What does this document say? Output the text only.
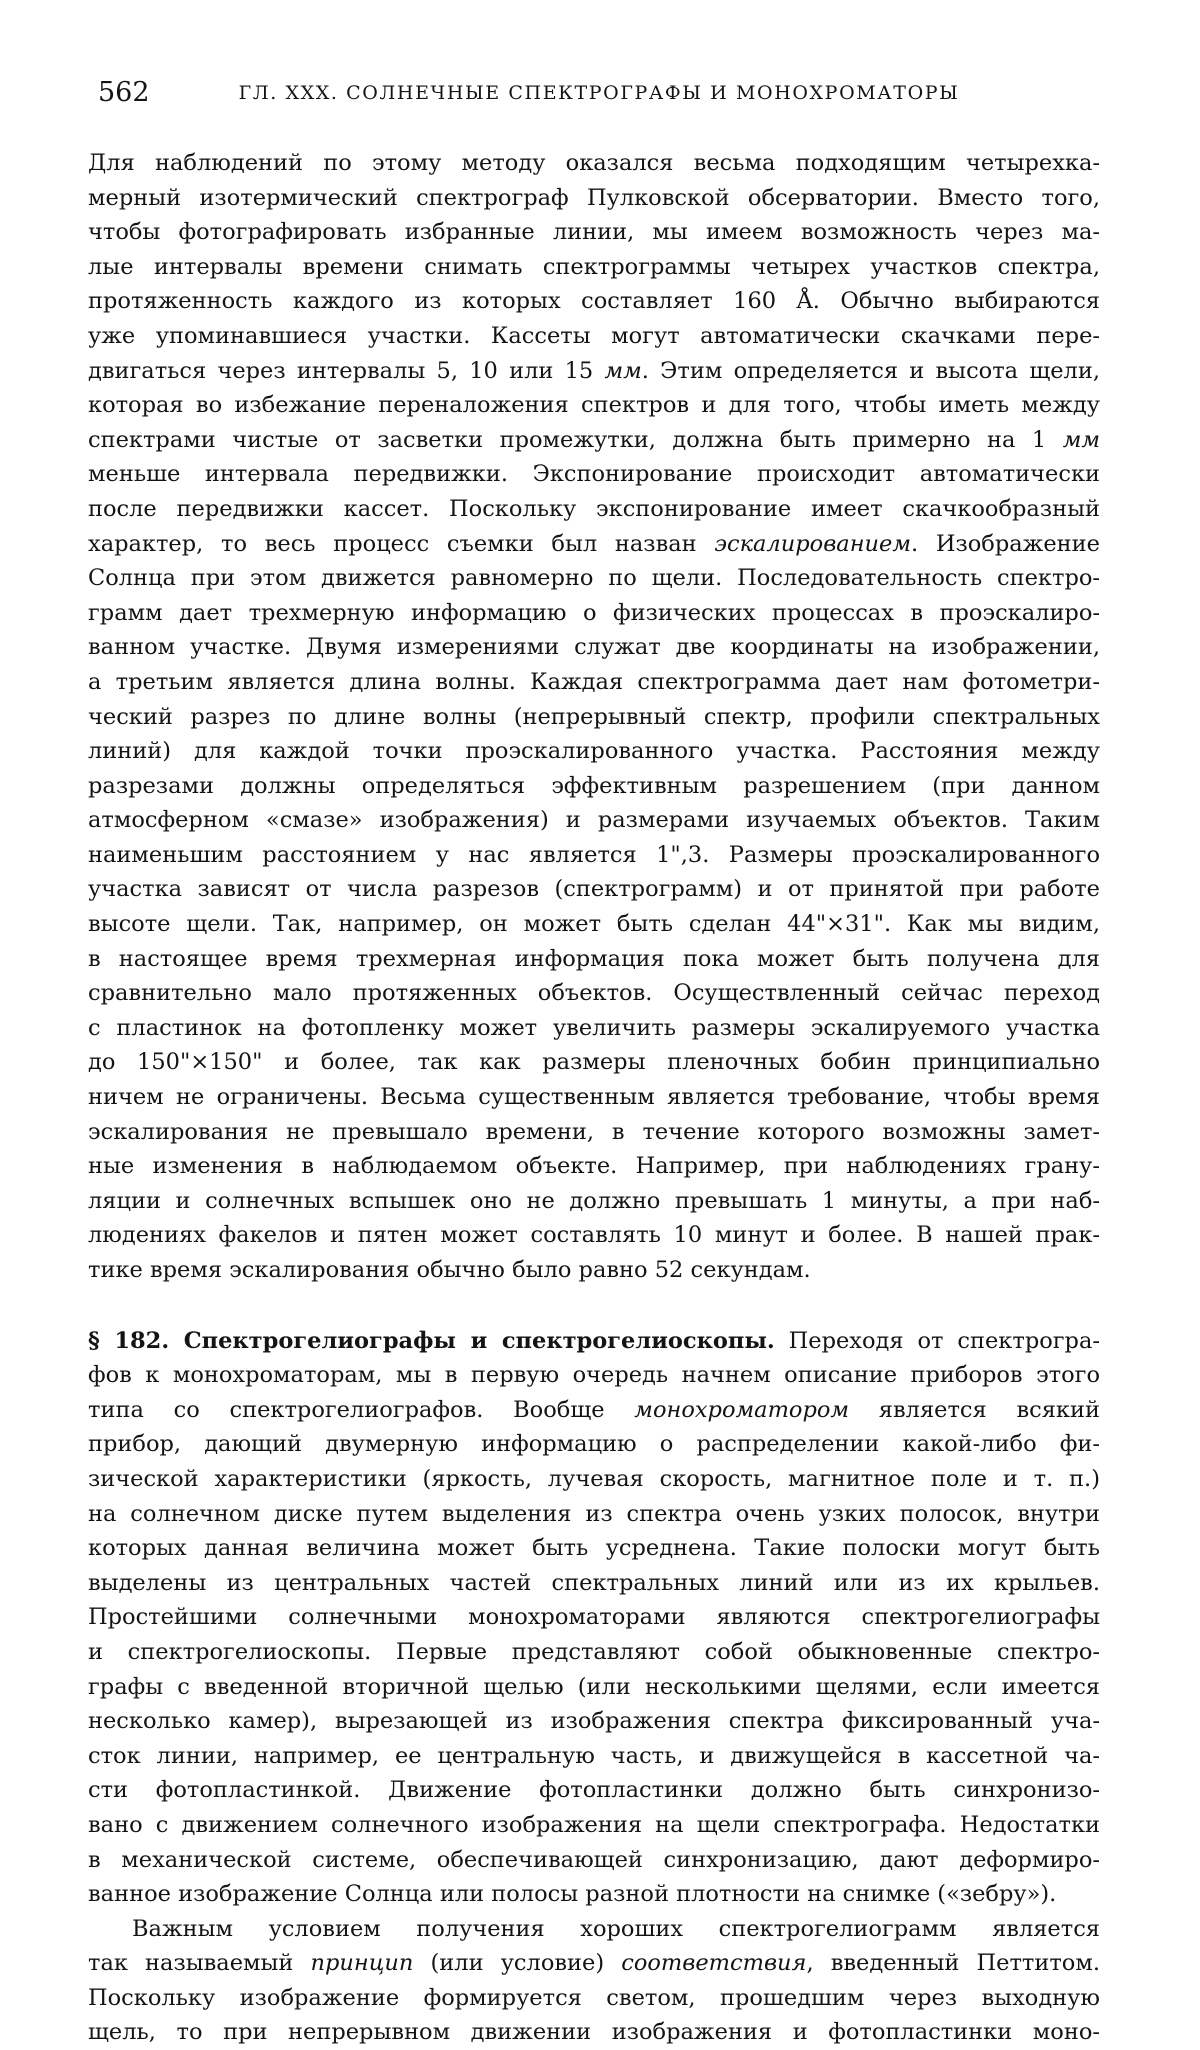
562	ГЛ. XXX. СОЛНЕЧНЫЕ СПЕКТРОГРАФЫ И МОНОХРОМАТОРЫ
Для наблюдений по этому методу оказался весьма подходящим четырехка-
мерный изотермический спектрограф Пулковской обсерватории. Вместо того,
чтобы фотографировать избранные линии, мы имеем возможность через ма-
лые интервалы времени снимать спектрограммы четырех участков спектра,
протяженность каждого из которых составляет 160 Å. Обычно выбираются
уже упоминавшиеся участки. Кассеты могут автоматически скачками пере-
двигаться через интервалы 5, 10 или 15 мм. Этим определяется и высота щели,
которая во избежание переналожения спектров и для того, чтобы иметь между
спектрами чистые от засветки промежутки, должна быть примерно на 1 мм
меньше интервала передвижки. Экспонирование происходит автоматически
после передвижки кассет. Поскольку экспонирование имеет скачкообразный
характер, то весь процесс съемки был назван эскалированием. Изображение
Солнца при этом движется равномерно по щели. Последовательность спектро-
грамм дает трехмерную информацию о физических процессах в проэскалиро-
ванном участке. Двумя измерениями служат две координаты на изображении,
а третьим является длина волны. Каждая спектрограмма дает нам фотометри-
ческий разрез по длине волны (непрерывный спектр, профили спектральных
линий) для каждой точки проэскалированного участка. Расстояния между
разрезами должны определяться эффективным разрешением (при данном
атмосферном «смазе» изображения) и размерами изучаемых объектов. Таким
наименьшим расстоянием у нас является 1",3. Размеры проэскалированного
участка зависят от числа разрезов (спектрограмм) и от принятой при работе
высоте щели. Так, например, он может быть сделан 44"×31". Как мы видим,
в настоящее время трехмерная информация пока может быть получена для
сравнительно мало протяженных объектов. Осуществленный сейчас переход
с пластинок на фотопленку может увеличить размеры эскалируемого участка
до 150"×150" и более, так как размеры пленочных бобин принципиально
ничем не ограничены. Весьма существенным является требование, чтобы время
эскалирования не превышало времени, в течение которого возможны замет-
ные изменения в наблюдаемом объекте. Например, при наблюдениях грану-
ляции и солнечных вспышек оно не должно превышать 1 минуты, а при наб-
людениях факелов и пятен может составлять 10 минут и более. В нашей прак-
тике время эскалирования обычно было равно 52 секундам.
§ 182. Спектрогелиографы и спектрогелиоскопы. Переходя от спектрогра-
фов к монохроматорам, мы в первую очередь начнем описание приборов этого
типа со спектрогелиографов. Вообще монохроматором является всякий
прибор, дающий двумерную информацию о распределении какой-либо фи-
зической характеристики (яркость, лучевая скорость, магнитное поле и т. п.)
на солнечном диске путем выделения из спектра очень узких полосок, внутри
которых данная величина может быть усреднена. Такие полоски могут быть
выделены из центральных частей спектральных линий или из их крыльев.
Простейшими солнечными монохроматорами являются спектрогелиографы
и спектрогелиоскопы. Первые представляют собой обыкновенные спектро-
графы с введенной вторичной щелью (или несколькими щелями, если имеется
несколько камер), вырезающей из изображения спектра фиксированный уча-
сток линии, например, ее центральную часть, и движущейся в кассетной ча-
сти фотопластинкой. Движение фотопластинки должно быть синхронизо-
вано с движением солнечного изображения на щели спектрографа. Недостатки
в механической системе, обеспечивающей синхронизацию, дают деформиро-
ванное изображение Солнца или полосы разной плотности на снимке («зебру»).
Важным условием получения хороших спектрогелиограмм является
так называемый принцип (или условие) соответствия, введенный Петтитом.
Поскольку изображение формируется светом, прошедшим через выходную
щель, то при непрерывном движении изображения и фотопластинки моно-
